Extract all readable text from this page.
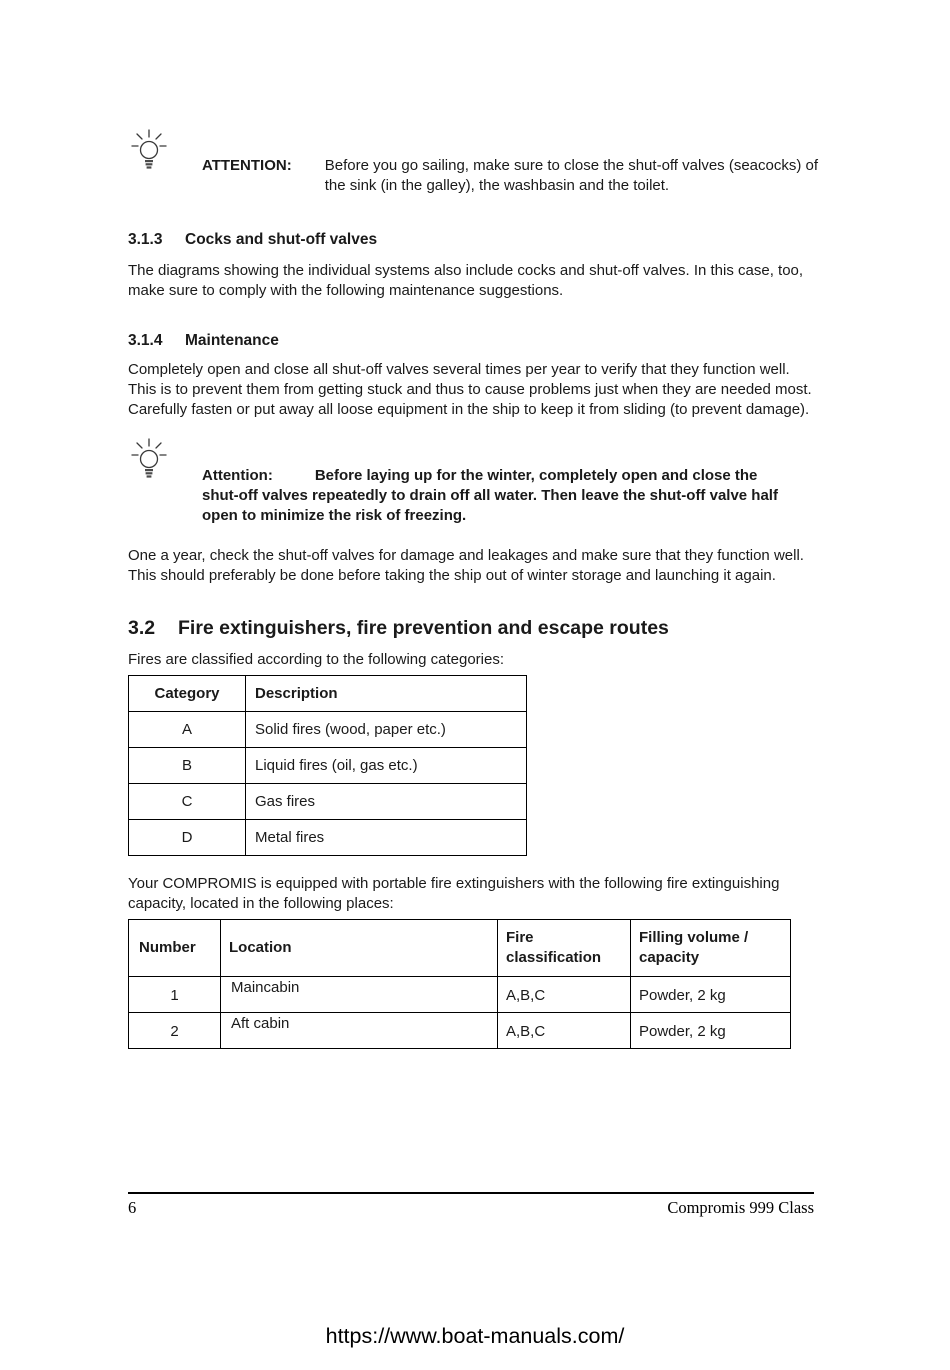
ATTENTION: Before you go sailing, make sure to close the shut-off valves (seacocks) of the sink (in the galley), the washbasin and the toilet.
3.1.3	Cocks and shut-off valves

The diagrams showing the individual systems also include cocks and shut-off valves. In this case, too, make sure to comply with the following maintenance suggestions.

3.1.4	Maintenance

Completely open and close all shut-off valves several times per year to verify that they function well. This is to prevent them from getting stuck and thus to cause problems just when they are needed most.
Carefully fasten or put away all loose equipment in the ship to keep it from sliding (to prevent damage).

Attention:	Before laying up for the winter, completely open and close the shut-off valves repeatedly to drain off all water. Then leave the shut-off valve half open to minimize the risk of freezing.

One a year, check the shut-off valves for damage and leakages and make sure that they function well. This should preferably be done before taking the ship out of winter storage and launching it again.

3.2	Fire extinguishers, fire prevention and escape routes

Fires are classified according to the following categories:

Category	Description
A	Solid fires (wood, paper etc.)
B	Liquid fires (oil, gas etc.)
C	Gas fires
D	Metal fires

Your COMPROMIS is equipped with portable fire extinguishers with the following fire extinguishing capacity, located in the following places:

Number	Location	Fire classification	Filling volume / capacity
1	Maincabin	A,B,C	Powder, 2 kg
2	Aft cabin	A,B,C	Powder, 2 kg
6	Compromis 999 Class
https://www.boat-manuals.com/
